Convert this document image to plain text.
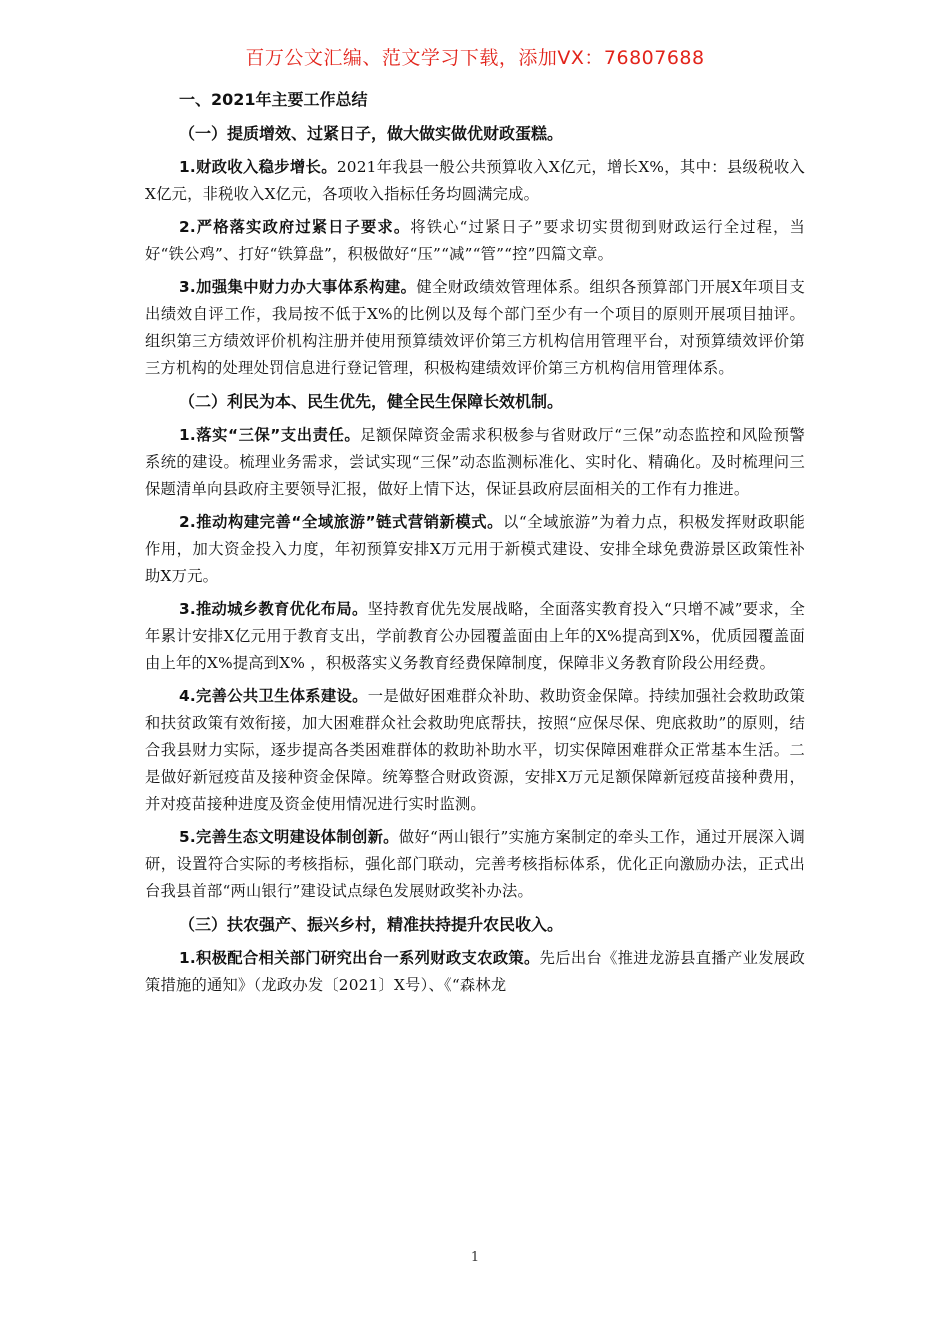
百万公文汇编、范文学习下载，添加VX：76807688
一、2021年主要工作总结
（一）提质增效、过紧日子，做大做实做优财政蛋糕。

1.财政收入稳步增长。2021年我县一般公共预算收入X亿元，增长X%，其中：县级税收入X亿元，非税收入X亿元，各项收入指标任务均圆满完成。

2.严格落实政府过紧日子要求。将铁心“过紧日子”要求切实贯彻到财政运行全过程，当好“铁公鸡”、打好“铁算盘”，积极做好“压”“减”“管”“控”四篇文章。

3.加强集中财力办大事体系构建。健全财政绩效管理体系。组织各预算部门开展X年项目支出绩效自评工作，我局按不低于X%的比例以及每个部门至少有一个项目的原则开展项目抽评。组织第三方绩效评价机构注册并使用预算绩效评价第三方机构信用管理平台，对预算绩效评价第三方机构的处理处罚信息进行登记管理，积极构建绩效评价第三方机构信用管理体系。

（二）利民为本、民生优先，健全民生保障长效机制。

1.落实“三保”支出责任。足额保障资金需求积极参与省财政厅“三保”动态监控和风险预警系统的建设。梳理业务需求，尝试实现“三保”动态监测标准化、实时化、精确化。及时梳理问三保题清单向县政府主要领导汇报，做好上情下达，保证县政府层面相关的工作有力推进。

2.推动构建完善“全域旅游”链式营销新模式。以“全域旅游”为着力点，积极发挥财政职能作用，加大资金投入力度，年初预算安排X万元用于新模式建设、安排全球免费游景区政策性补助X万元。

3.推动城乡教育优化布局。坚持教育优先发展战略，全面落实教育投入“只增不减”要求，全年累计安排X亿元用于教育支出，学前教育公办园覆盖面由上年的X%提高到X%，优质园覆盖面由上年的X%提高到X% ，积极落实义务教育经费保障制度，保障非义务教育阶段公用经费。

4.完善公共卫生体系建设。一是做好困难群众补助、救助资金保障。持续加强社会救助政策和扶贫政策有效衔接，加大困难群众社会救助兜底帮扶，按照“应保尽保、兜底救助”的原则，结合我县财力实际，逐步提高各类困难群体的救助补助水平，切实保障困难群众正常基本生活。二是做好新冠疫苗及接种资金保障。统筹整合财政资源，安排X万元足额保障新冠疫苗接种费用，并对疫苗接种进度及资金使用情况进行实时监测。

5.完善生态文明建设体制创新。做好“两山银行”实施方案制定的牵头工作，通过开展深入调研，设置符合实际的考核指标，强化部门联动，完善考核指标体系，优化正向激励办法，正式出台我县首部“两山银行”建设试点绿色发展财政奖补办法。

（三）扶农强产、振兴乡村，精准扶持提升农民收入。

1.积极配合相关部门研究出台一系列财政支农政策。先后出台《推进龙游县直播产业发展政策措施的通知》（龙政办发〔2021〕X号）、《“森林龙

1
